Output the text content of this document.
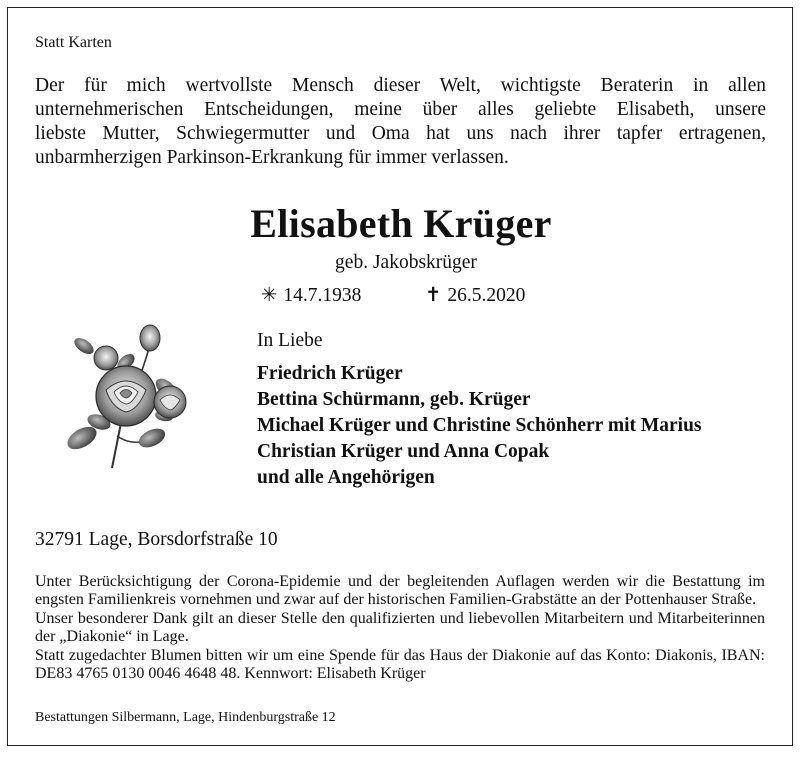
Statt Karten
Der für mich wertvollste Mensch dieser Welt, wichtigste Beraterin in allen
unternehmerischen Entscheidungen, meine über alles geliebte Elisabeth, unsere
liebste Mutter, Schwiegermutter und Oma hat uns nach ihrer tapfer ertragenen,
unbarmherzigen Parkinson-Erkrankung für immer verlassen.
Elisabeth Krüger
geb. Jakobskrüger
✳ 14.7.1938	✝ 26.5.2020
In Liebe
Friedrich Krüger
Bettina Schürmann, geb. Krüger
Michael Krüger und Christine Schönherr mit Marius
Christian Krüger und Anna Copak
und alle Angehörigen
32791 Lage, Borsdorfstraße 10

Unter Berücksichtigung der Corona-Epidemie und der begleitenden Auflagen werden wir die Bestattung im engsten Familienkreis vornehmen und zwar auf der historischen Familien-Grabstätte an der Pottenhauser Straße.

Unser besonderer Dank gilt an dieser Stelle den qualifizierten und liebevollen Mitarbeitern und Mitarbeiterinnen der „Diakonie“ in Lage.

Statt zugedachter Blumen bitten wir um eine Spende für das Haus der Diakonie auf das Konto: Diakonis, IBAN: DE83 4765 0130 0046 4648 48. Kennwort: Elisabeth Krüger

Bestattungen Silbermann, Lage, Hindenburgstraße 12
